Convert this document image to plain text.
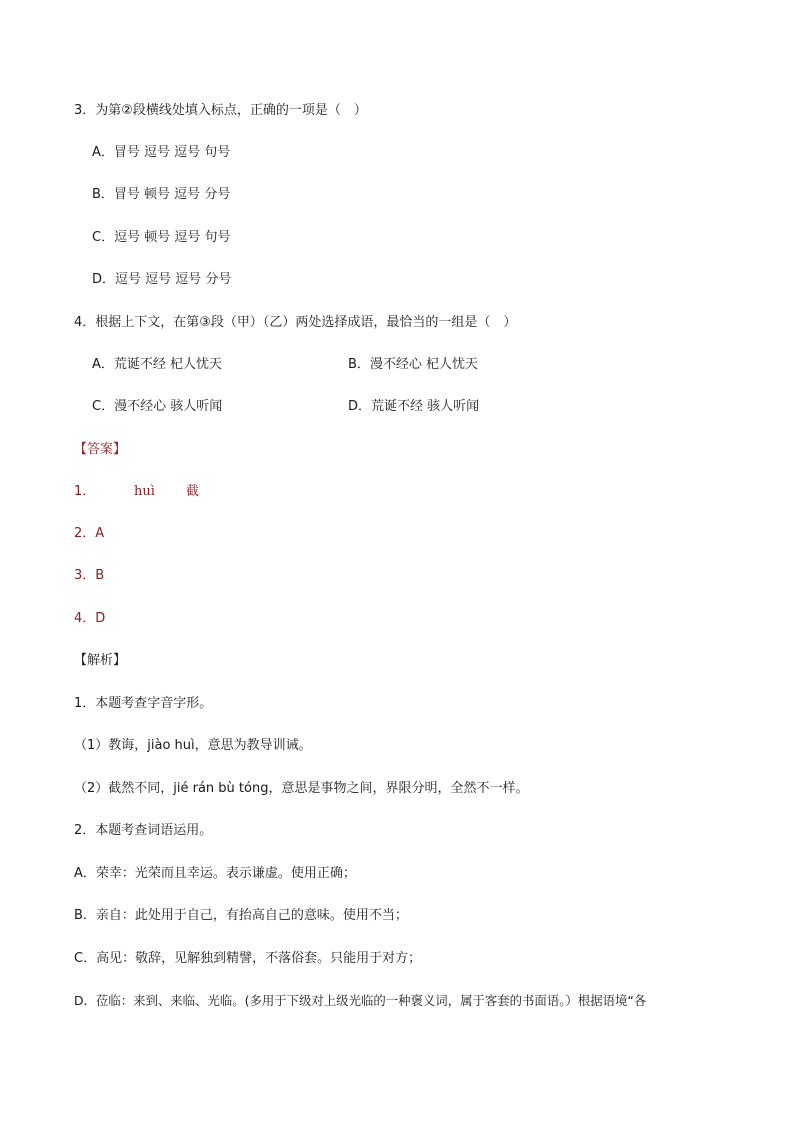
3．为第②段横线处填入标点，正确的一项是（　）
A．冒号 逗号 逗号 句号
B．冒号 顿号 逗号 分号
C．逗号 顿号 逗号 句号
D．逗号 逗号 逗号 分号
4．根据上下文，在第③段（甲）（乙）两处选择成语，最恰当的一组是（　）
A．荒诞不经 杞人忧天	B．漫不经心 杞人忧天
C．漫不经心 骇人听闻	D．荒诞不经 骇人听闻
【答案】
1．	huì 截
2．A
3．B
4．D
【解析】
1．本题考查字音字形。
（1）教诲，jiào huì，意思为教导训诫。
（2）截然不同，jié rán bù tóng，意思是事物之间，界限分明，全然不一样。
2．本题考查词语运用。
A．荣幸：光荣而且幸运。表示谦虚。使用正确；
B．亲自：此处用于自己，有抬高自己的意味。使用不当；
C．高见：敬辞，见解独到精譬，不落俗套。只能用于对方；
D．莅临：来到、来临、光临。(多用于下级对上级光临的一种褒义词，属于客套的书面语。）根据语境“各
